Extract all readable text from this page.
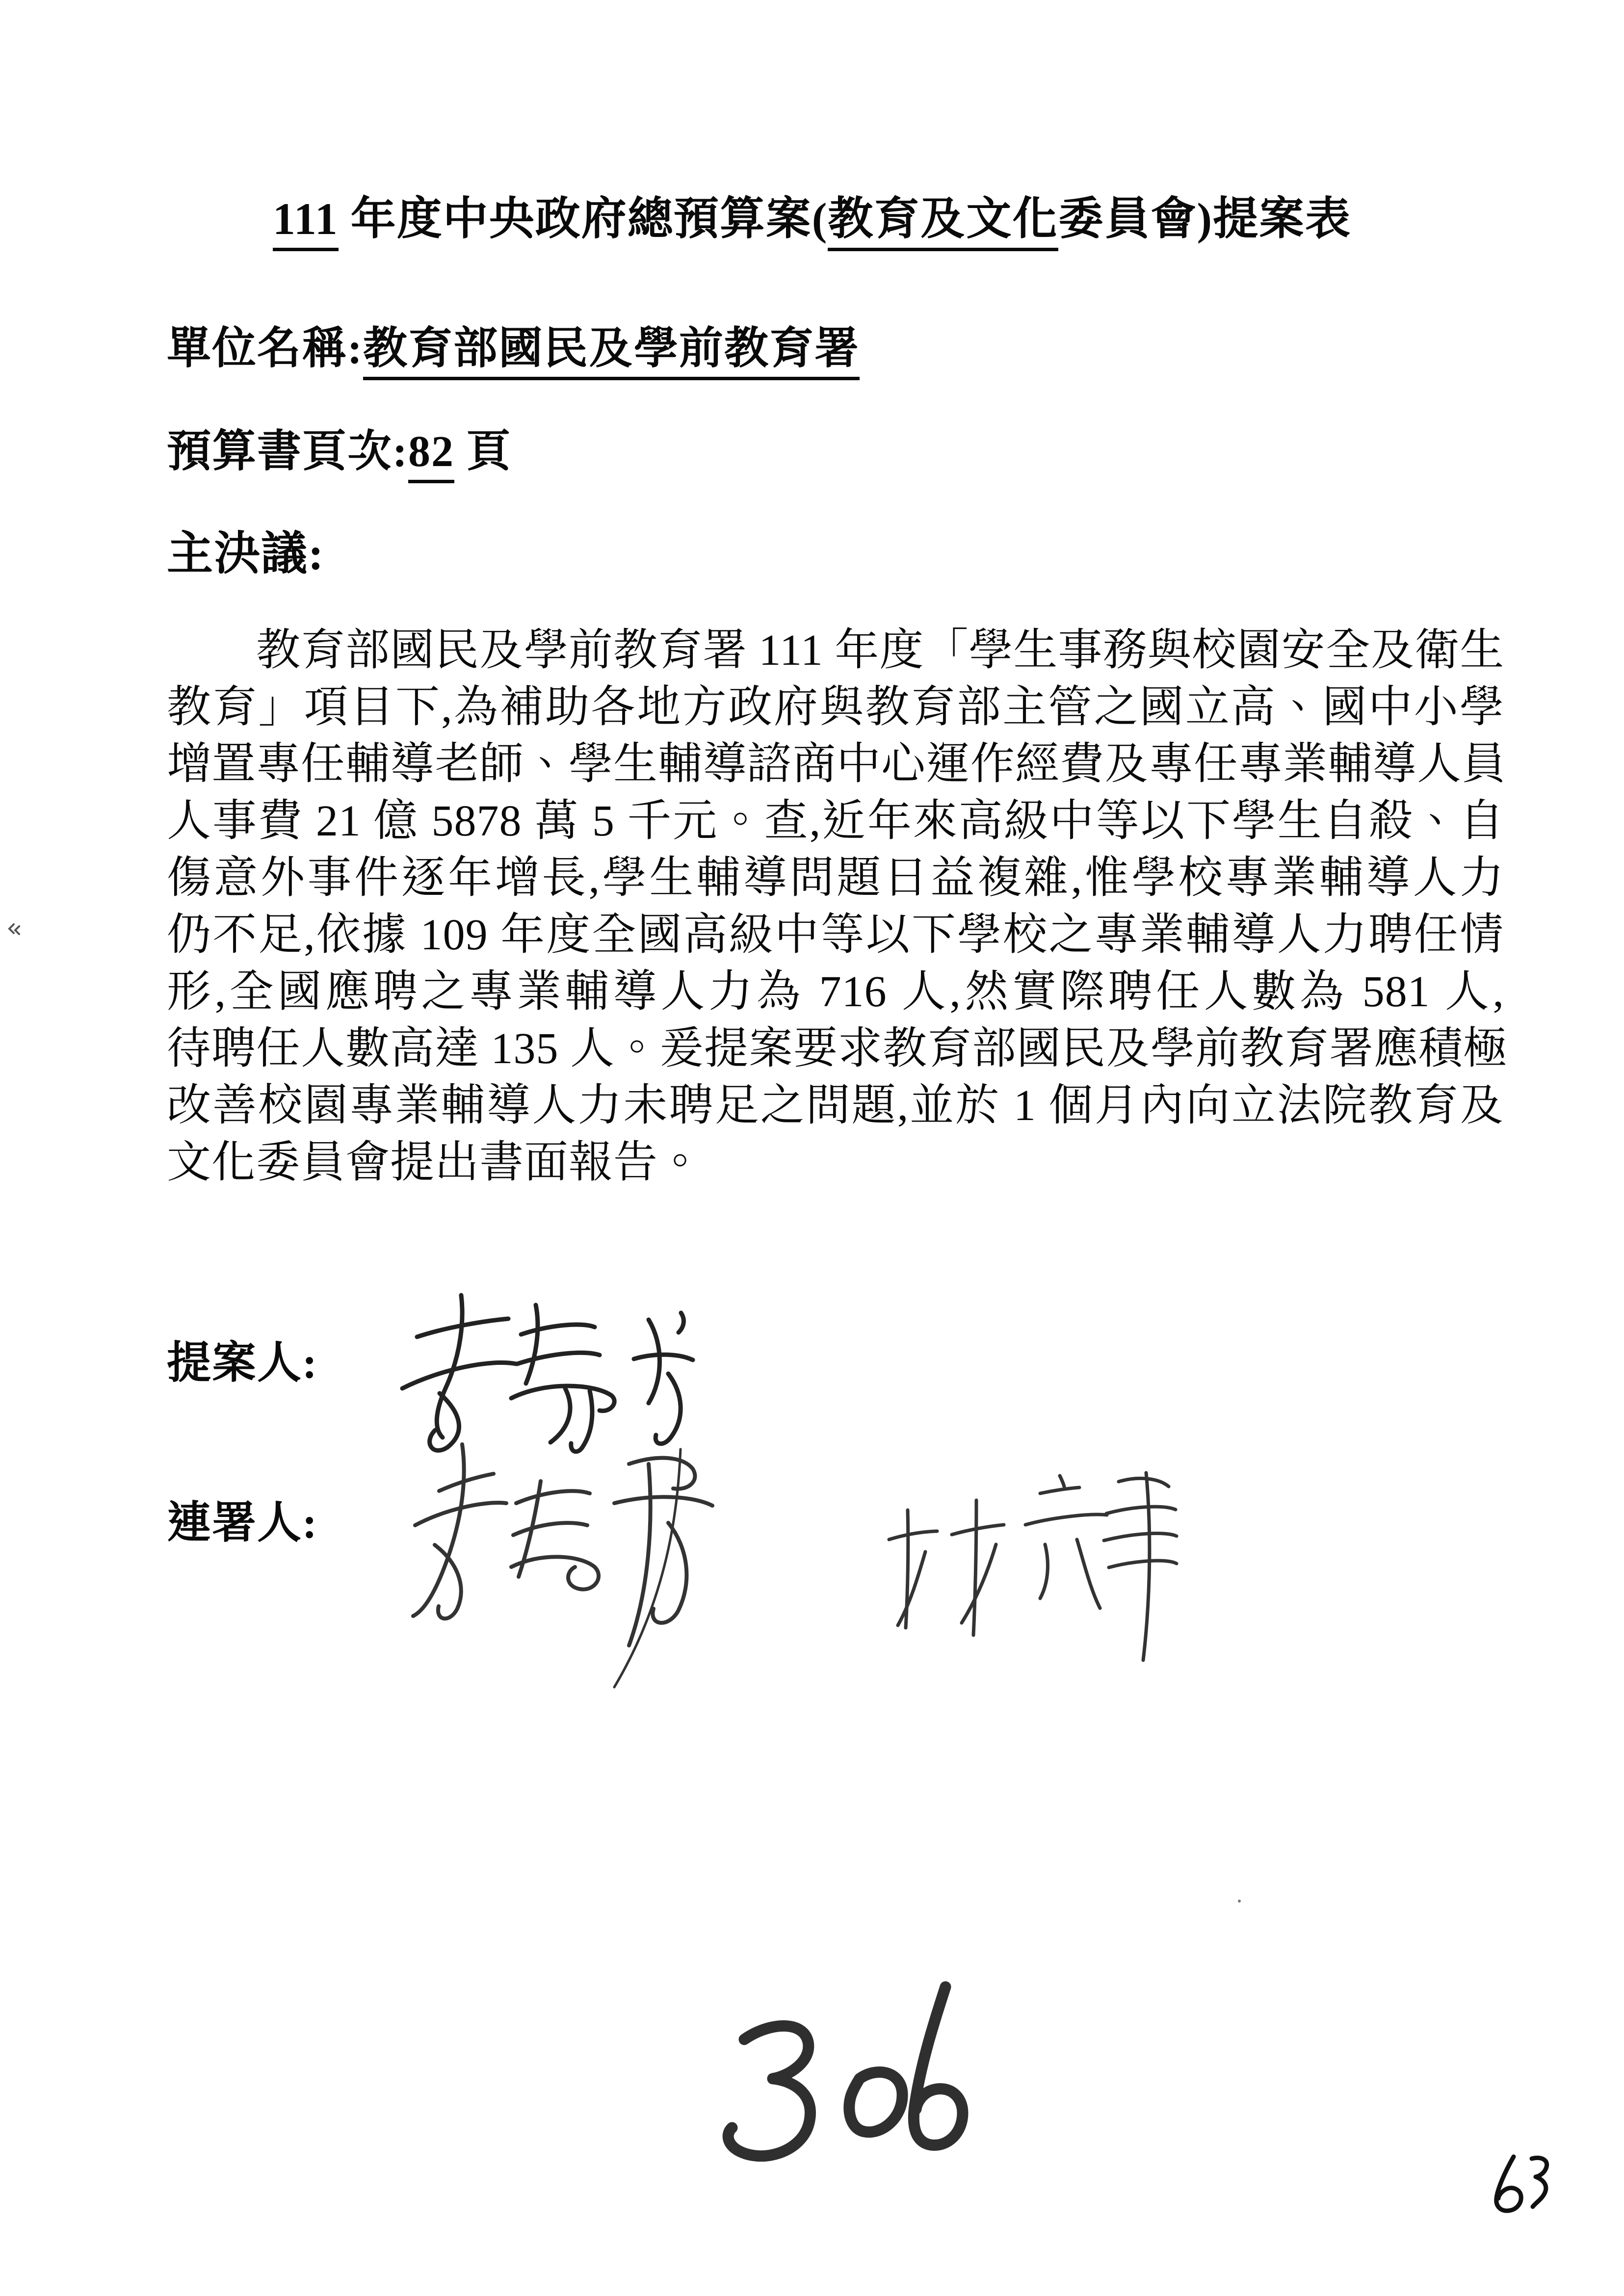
111 年度中央政府總預算案(教育及文化委員會)提案表
單位名稱:教育部國民及學前教育署
預算書頁次:82 頁
主決議:
教育部國民及學前教育署 111 年度「學生事務與校園安全及衛生
教育」項目下,為補助各地方政府與教育部主管之國立高、國中小學
增置專任輔導老師、學生輔導諮商中心運作經費及專任專業輔導人員
人事費 21 億 5878 萬 5 千元。查,近年來高級中等以下學生自殺、自
傷意外事件逐年增長,學生輔導問題日益複雜,惟學校專業輔導人力
仍不足,依據 109 年度全國高級中等以下學校之專業輔導人力聘任情
形,全國應聘之專業輔導人力為 716 人,然實際聘任人數為 581 人,
待聘任人數高達 135 人。爰提案要求教育部國民及學前教育署應積極
改善校園專業輔導人力未聘足之問題,並於 1 個月內向立法院教育及
文化委員會提出書面報告。
提案人:
連署人:
